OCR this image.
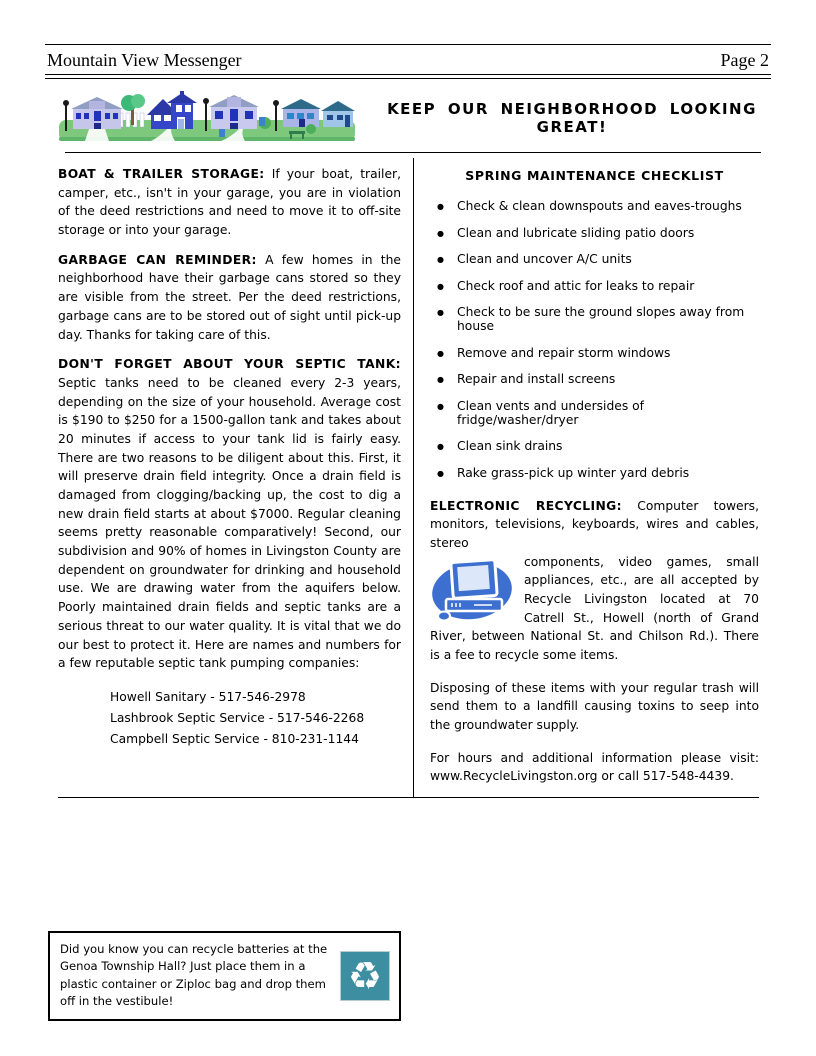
Mountain View Messenger	Page 2
KEEP OUR NEIGHBORHOOD LOOKING GREAT!

BOAT & TRAILER STORAGE: If your boat, trailer, camper, etc., isn't in your garage, you are in violation of the deed restrictions and need to move it to off-site storage or into your garage.

GARBAGE CAN REMINDER: A few homes in the neighborhood have their garbage cans stored so they are visible from the street. Per the deed restrictions, garbage cans are to be stored out of sight until pick-up day. Thanks for taking care of this.

DON'T FORGET ABOUT YOUR SEPTIC TANK: Septic tanks need to be cleaned every 2-3 years, depending on the size of your household. Average cost is $190 to $250 for a 1500-gallon tank and takes about 20 minutes if access to your tank lid is fairly easy. There are two reasons to be diligent about this. First, it will preserve drain field integrity. Once a drain field is damaged from clogging/backing up, the cost to dig a new drain field starts at about $7000. Regular cleaning seems pretty reasonable comparatively! Second, our subdivision and 90% of homes in Livingston County are dependent on groundwater for drinking and household use. We are drawing water from the aquifers below. Poorly maintained drain fields and septic tanks are a serious threat to our water quality. It is vital that we do our best to protect it. Here are names and numbers for a few reputable septic tank pumping companies:

Howell Sanitary - 517-546-2978
Lashbrook Septic Service - 517-546-2268
Campbell Septic Service - 810-231-1144
SPRING MAINTENANCE CHECKLIST
● Check & clean downspouts and eaves-troughs
● Clean and lubricate sliding patio doors
● Clean and uncover A/C units
● Check roof and attic for leaks to repair
● Check to be sure the ground slopes away from house
● Remove and repair storm windows
● Repair and install screens
● Clean vents and undersides of fridge/washer/dryer
● Clean sink drains
● Rake grass-pick up winter yard debris

ELECTRONIC RECYCLING: Computer towers, monitors, televisions, keyboards, wires and cables, stereo

components, video games, small appliances, etc., are all accepted by Recycle Livingston located at 70 Catrell St., Howell (north of Grand River, between National St. and Chilson Rd.). There is a fee to recycle some items.

Disposing of these items with your regular trash will send them to a landfill causing toxins to seep into the groundwater supply.

For hours and additional information please visit: www.RecycleLivingston.org or call 517-548-4439.

Did you know you can recycle batteries at the Genoa Township Hall? Just place them in a plastic container or Ziploc bag and drop them off in the vestibule!
♻
